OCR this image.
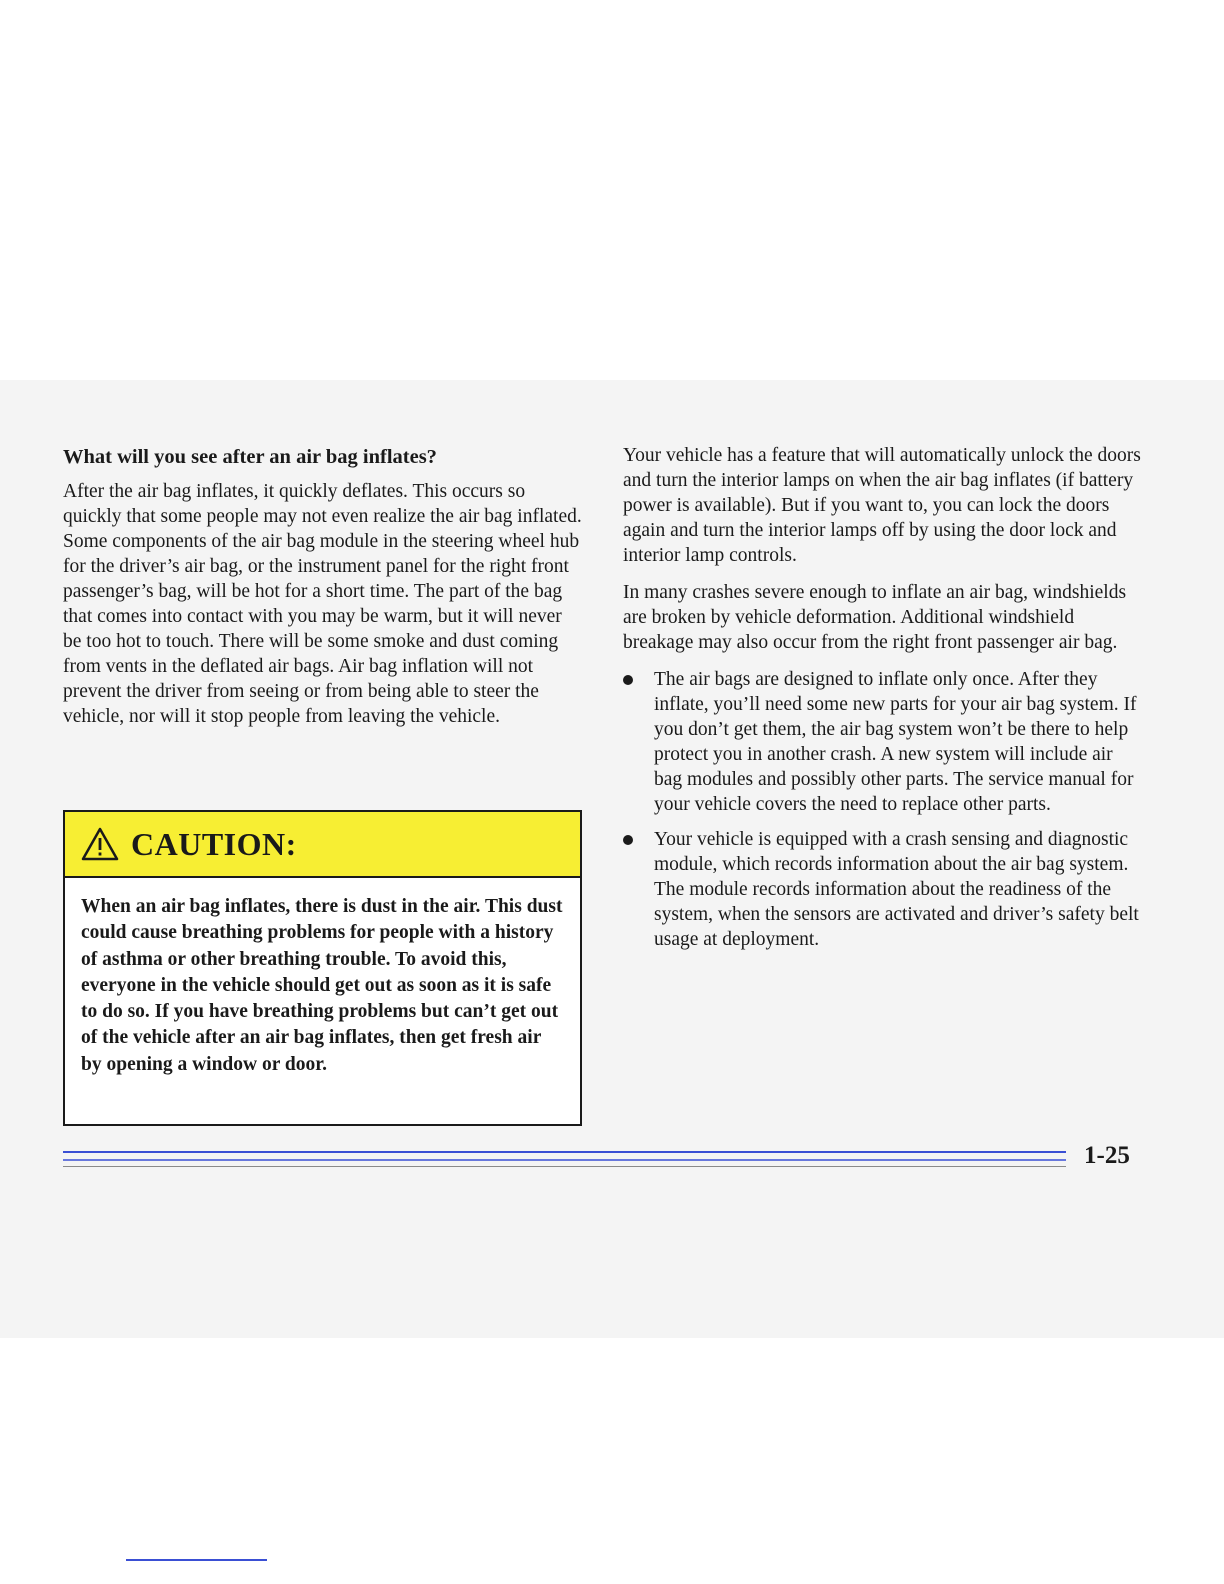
What will you see after an air bag inflates?

After the air bag inflates, it quickly deflates. This occurs so quickly that some people may not even realize the air bag inflated. Some components of the air bag module in the steering wheel hub for the driver’s air bag, or the instrument panel for the right front passenger’s bag, will be hot for a short time. The part of the bag that comes into contact with you may be warm, but it will never be too hot to touch. There will be some smoke and dust coming from vents in the deflated air bags. Air bag inflation will not prevent the driver from seeing or from being able to steer the vehicle, nor will it stop people from leaving the vehicle.

CAUTION:
When an air bag inflates, there is dust in the air. This dust could cause breathing problems for people with a history of asthma or other breathing trouble. To avoid this, everyone in the vehicle should get out as soon as it is safe to do so. If you have breathing problems but can’t get out of the vehicle after an air bag inflates, then get fresh air by opening a window or door.

Your vehicle has a feature that will automatically unlock the doors and turn the interior lamps on when the air bag inflates (if battery power is available). But if you want to, you can lock the doors again and turn the interior lamps off by using the door lock and interior lamp controls.

In many crashes severe enough to inflate an air bag, windshields are broken by vehicle deformation. Additional windshield breakage may also occur from the right front passenger air bag.

The air bags are designed to inflate only once. After they inflate, you’ll need some new parts for your air bag system. If you don’t get them, the air bag system won’t be there to help protect you in another crash. A new system will include air bag modules and possibly other parts. The service manual for your vehicle covers the need to replace other parts.
Your vehicle is equipped with a crash sensing and diagnostic module, which records information about the air bag system. The module records information about the readiness of the system, when the sensors are activated and driver’s safety belt usage at deployment.
1-25
